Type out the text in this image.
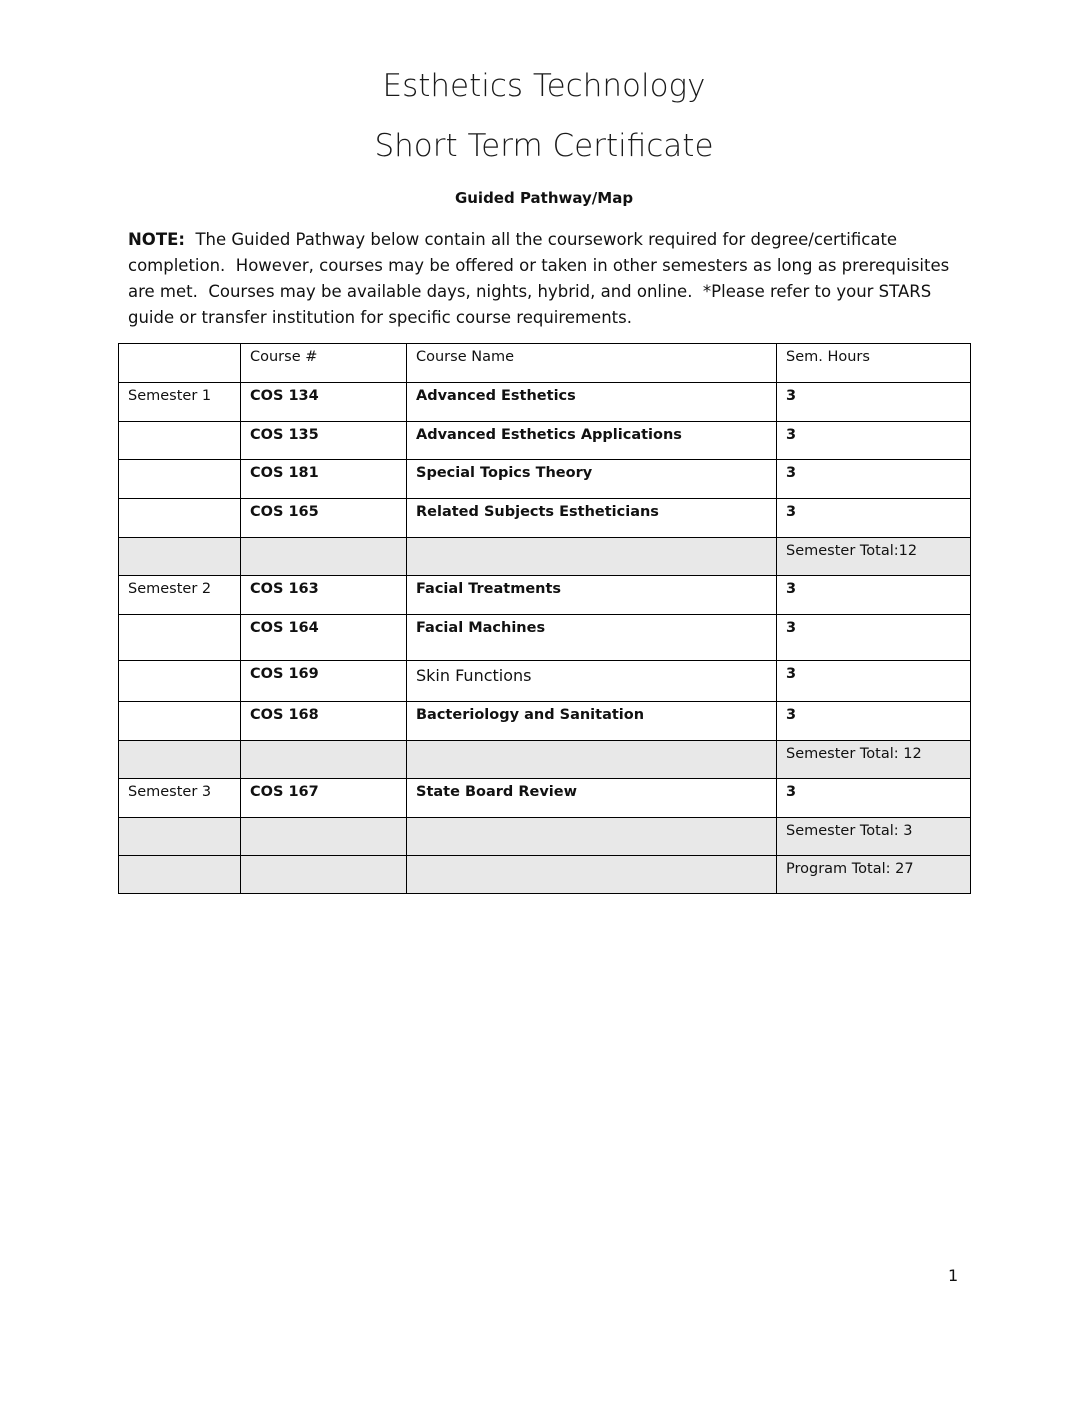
Esthetics Technology
Short Term Certificate
Guided Pathway/Map
NOTE:  The Guided Pathway below contain all the coursework required for degree/certificate completion.  However, courses may be offered or taken in other semesters as long as prerequisites are met.  Courses may be available days, nights, hybrid, and online.  *Please refer to your STARS guide or transfer institution for specific course requirements.
	Course #	Course Name	Sem. Hours
Semester 1	COS 134	Advanced Esthetics	3
	COS 135	Advanced Esthetics Applications	3
	COS 181	Special Topics Theory	3
	COS 165	Related Subjects Estheticians	3
			Semester Total:12
Semester 2	COS 163	Facial Treatments	3
	COS 164	Facial Machines	3
	COS 169	Skin Functions	3
	COS 168	Bacteriology and Sanitation	3
			Semester Total: 12
Semester 3	COS 167	State Board Review	3
			Semester Total: 3
			Program Total: 27
1
